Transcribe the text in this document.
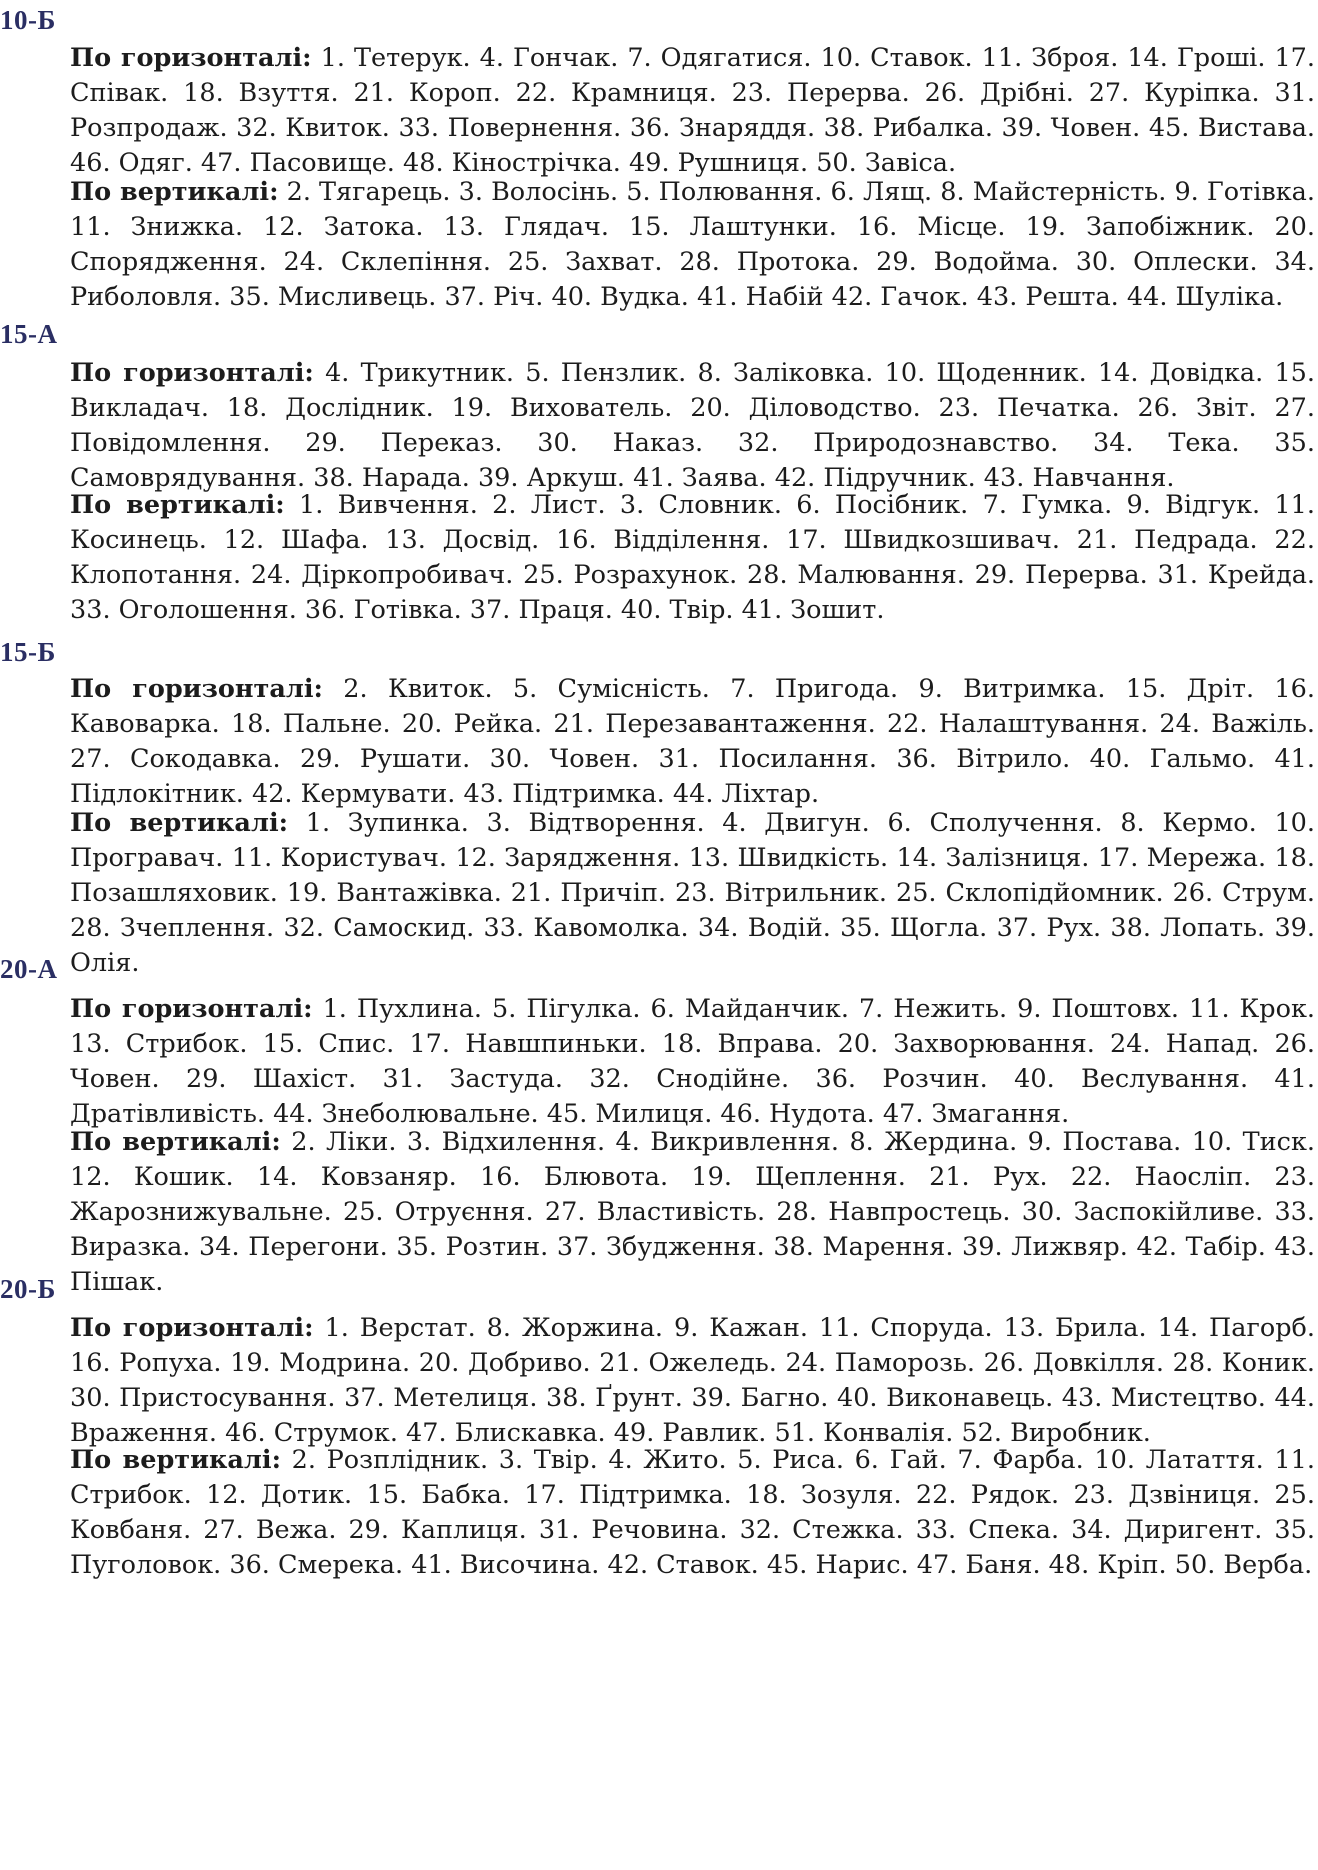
10-Б

По горизонталі: 1. Тетерук. 4. Гончак. 7. Одягатися. 10. Ставок. 11. Зброя. 14. Гроші. 17. Співак. 18. Взуття. 21. Короп. 22. Крамниця. 23. Перерва. 26. Дрібні. 27. Куріпка. 31. Розпродаж. 32. Квиток. 33. Повернення. 36. Знаряддя. 38. Рибалка. 39. Човен. 45. Вистава. 46. Одяг. 47. Пасовище. 48. Кінострічка. 49. Рушниця. 50. Завіса.

По вертикалі: 2. Тягарець. 3. Волосінь. 5. Полювання. 6. Лящ. 8. Майстерність. 9. Готівка. 11. Знижка. 12. Затока. 13. Глядач. 15. Лаштунки. 16. Місце. 19. Запобіжник. 20. Спорядження. 24. Склепіння. 25. Захват. 28. Протока. 29. Водойма. 30. Оплески. 34. Риболовля. 35. Мисливець. 37. Річ. 40. Вудка. 41. Набій 42. Гачок. 43. Решта. 44. Шуліка.

15-А

По горизонталі: 4. Трикутник. 5. Пензлик. 8. Заліковка. 10. Щоденник. 14. Довідка. 15. Викладач. 18. Дослідник. 19. Вихователь. 20. Діловодство. 23. Печатка. 26. Звіт. 27. Повідомлення. 29. Переказ. 30. Наказ. 32. Природознавство. 34. Тека. 35. Самоврядування. 38. Нарада. 39. Аркуш. 41. Заява. 42. Підручник. 43. Навчання.

По вертикалі: 1. Вивчення. 2. Лист. 3. Словник. 6. Посібник. 7. Гумка. 9. Відгук. 11. Косинець. 12. Шафа. 13. Досвід. 16. Відділення. 17. Швидкозшивач. 21. Педрада. 22. Клопотання. 24. Діркопробивач. 25. Розрахунок. 28. Малювання. 29. Перерва. 31. Крейда. 33. Оголошення. 36. Готівка. 37. Праця. 40. Твір. 41. Зошит.

15-Б

По горизонталі: 2. Квиток. 5. Сумісність. 7. Пригода. 9. Витримка. 15. Дріт. 16. Кавоварка. 18. Пальне. 20. Рейка. 21. Перезавантаження. 22. Налаштування. 24. Важіль. 27. Сокодавка. 29. Рушати. 30. Човен. 31. Посилання. 36. Вітрило. 40. Гальмо. 41. Підлокітник. 42. Кермувати. 43. Підтримка. 44. Ліхтар.

По вертикалі: 1. Зупинка. 3. Відтворення. 4. Двигун. 6. Сполучення. 8. Кермо. 10. Програвач. 11. Користувач. 12. Зарядження. 13. Швидкість. 14. Залізниця. 17. Мережа. 18. Позашляховик. 19. Вантажівка. 21. Причіп. 23. Вітрильник. 25. Склопідйомник. 26. Струм. 28. Зчеплення. 32. Самоскид. 33. Кавомолка. 34. Водій. 35. Щогла. 37. Рух. 38. Лопать. 39. Олія.

20-А

По горизонталі: 1. Пухлина. 5. Пігулка. 6. Майданчик. 7. Нежить. 9. Поштовх. 11. Крок. 13. Стрибок. 15. Спис. 17. Навшпиньки. 18. Вправа. 20. Захворювання. 24. Напад. 26. Човен. 29. Шахіст. 31. Застуда. 32. Снодійне. 36. Розчин. 40. Веслування. 41. Дратівливість. 44. Знеболювальне. 45. Милиця. 46. Нудота. 47. Змагання.

По вертикалі: 2. Ліки. 3. Відхилення. 4. Викривлення. 8. Жердина. 9. Постава. 10. Тиск. 12. Кошик. 14. Ковзаняр. 16. Блювота. 19. Щеплення. 21. Рух. 22. Наосліп. 23. Жарознижувальне. 25. Отруєння. 27. Властивість. 28. Навпростець. 30. Заспокійливе. 33. Виразка. 34. Перегони. 35. Розтин. 37. Збудження. 38. Марення. 39. Лижвяр. 42. Табір. 43. Пішак.

20-Б

По горизонталі: 1. Верстат. 8. Жоржина. 9. Кажан. 11. Споруда. 13. Брила. 14. Пагорб. 16. Ропуха. 19. Модрина. 20. Добриво. 21. Ожеледь. 24. Паморозь. 26. Довкілля. 28. Коник. 30. Пристосування. 37. Метелиця. 38. Ґрунт. 39. Багно. 40. Виконавець. 43. Мистецтво. 44. Враження. 46. Струмок. 47. Блискавка. 49. Равлик. 51. Конвалія. 52. Виробник.

По вертикалі: 2. Розплідник. 3. Твір. 4. Жито. 5. Риса. 6. Гай. 7. Фарба. 10. Латаття. 11. Стрибок. 12. Дотик. 15. Бабка. 17. Підтримка. 18. Зозуля. 22. Рядок. 23. Дзвіниця. 25. Ковбаня. 27. Вежа. 29. Каплиця. 31. Речовина. 32. Стежка. 33. Спека. 34. Диригент. 35. Пуголовок. 36. Смерека. 41. Височина. 42. Ставок. 45. Нарис. 47. Баня. 48. Кріп. 50. Верба.
